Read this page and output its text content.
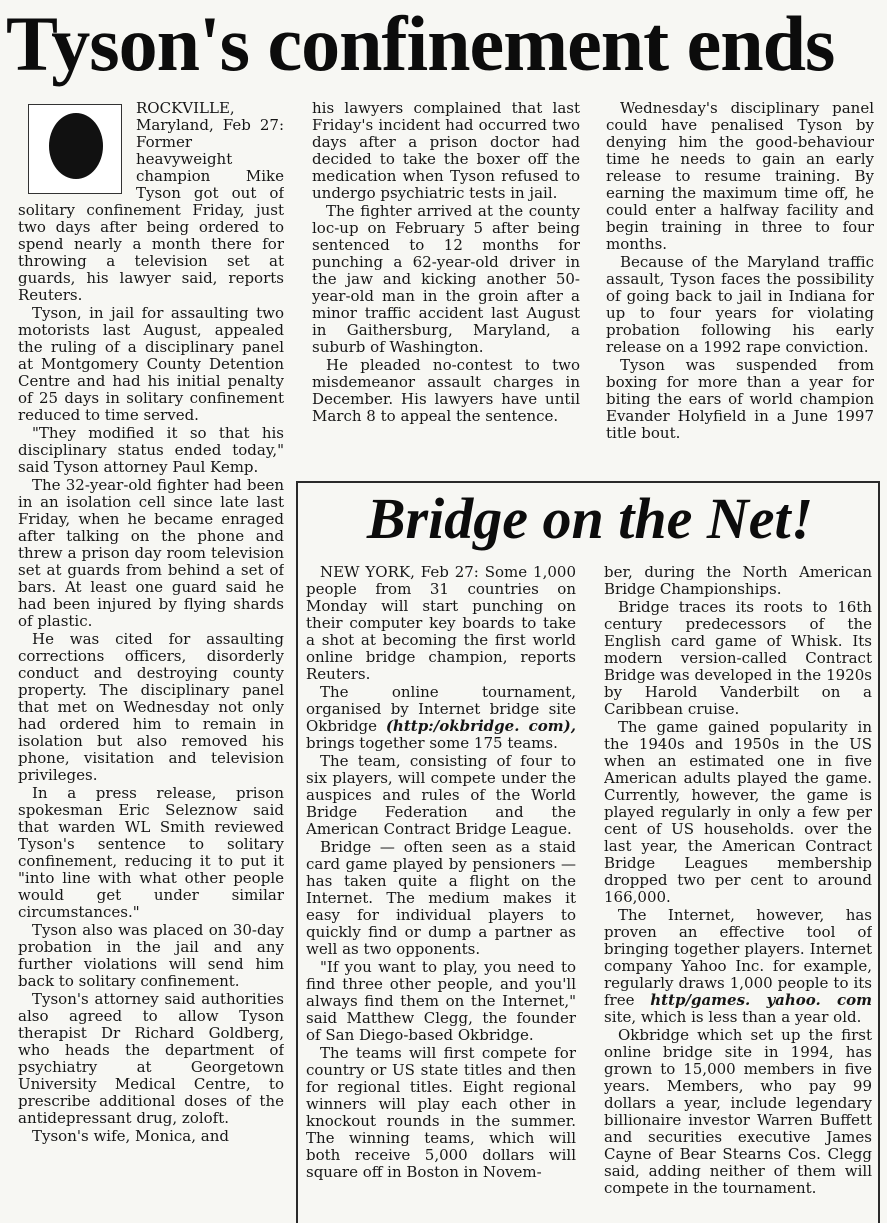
Tyson's confinement ends

ROCKVILLE, Maryland, Feb 27: Former heavyweight champion Mike Tyson got out of solitary confinement Friday, just two days after being ordered to spend nearly a month there for throwing a television set at guards, his lawyer said, reports Reuters.

Tyson, in jail for assaulting two motorists last August, appealed the ruling of a disciplinary panel at Montgomery County Detention Centre and had his initial penalty of 25 days in solitary confinement reduced to time served.

"They modified it so that his disciplinary status ended today," said Tyson attorney Paul Kemp.

The 32-year-old fighter had been in an isolation cell since late last Friday, when he became enraged after talking on the phone and threw a prison day room television set at guards from behind a set of bars. At least one guard said he had been injured by flying shards of plastic.

He was cited for assaulting corrections officers, disorderly conduct and destroying county property. The disciplinary panel that met on Wednesday not only had ordered him to remain in isolation but also removed his phone, visitation and television privileges.

In a press release, prison spokesman Eric Seleznow said that warden WL Smith reviewed Tyson's sentence to solitary confinement, reducing it to put it "into line with what other people would get under similar circumstances."

Tyson also was placed on 30-day probation in the jail and any further violations will send him back to solitary confinement.

Tyson's attorney said authorities also agreed to allow Tyson therapist Dr Richard Goldberg, who heads the department of psychiatry at Georgetown University Medical Centre, to prescribe additional doses of the antidepressant drug, zoloft.

Tyson's wife, Monica, and

his lawyers complained that last Friday's incident had occurred two days after a prison doctor had decided to take the boxer off the medication when Tyson refused to undergo psychiatric tests in jail.

The fighter arrived at the county loc-up on February 5 after being sentenced to 12 months for punching a 62-year-old driver in the jaw and kicking another 50-year-old man in the groin after a minor traffic accident last August in Gaithersburg, Maryland, a suburb of Washington.

He pleaded no-contest to two misdemeanor assault charges in December. His lawyers have until March 8 to appeal the sentence.

Wednesday's disciplinary panel could have penalised Tyson by denying him the good-behaviour time he needs to gain an early release to resume training. By earning the maximum time off, he could enter a halfway facility and begin training in three to four months.

Because of the Maryland traffic assault, Tyson faces the possibility of going back to jail in Indiana for up to four years for violating probation following his early release on a 1992 rape conviction.

Tyson was suspended from boxing for more than a year for biting the ears of world champion Evander Holyfield in a June 1997 title bout.

Bridge on the Net!

NEW YORK, Feb 27: Some 1,000 people from 31 countries on Monday will start punching on their computer key boards to take a shot at becoming the first world online bridge champion, reports Reuters.

The online tournament, organised by Internet bridge site Okbridge (http:/okbridge. com), brings together some 175 teams.

The team, consisting of four to six players, will compete under the auspices and rules of the World Bridge Federation and the American Contract Bridge League.

Bridge — often seen as a staid card game played by pensioners — has taken quite a flight on the Internet. The medium makes it easy for individual players to quickly find or dump a partner as well as two opponents.

"If you want to play, you need to find three other people, and you'll always find them on the Internet," said Matthew Clegg, the founder of San Diego-based Okbridge.

The teams will first compete for country or US state titles and then for regional titles. Eight regional winners will play each other in knockout rounds in the summer. The winning teams, which will both receive 5,000 dollars will square off in Boston in Novem-

ber, during the North American Bridge Championships.

Bridge traces its roots to 16th century predecessors of the English card game of Whisk. Its modern version-called Contract Bridge was developed in the 1920s by Harold Vanderbilt on a Caribbean cruise.

The game gained popularity in the 1940s and 1950s in the US when an estimated one in five American adults played the game. Currently, however, the game is played regularly in only a few per cent of US households. over the last year, the American Contract Bridge Leagues membership dropped two per cent to around 166,000.

The Internet, however, has proven an effective tool of bringing together players. Internet company Yahoo Inc. for example, regularly draws 1,000 people to its free http/games. yahoo. com site, which is less than a year old.

Okbridge which set up the first online bridge site in 1994, has grown to 15,000 members in five years. Members, who pay 99 dollars a year, include legendary billionaire investor Warren Buffett and securities executive James Cayne of Bear Stearns Cos. Clegg said, adding neither of them will compete in the tournament.
